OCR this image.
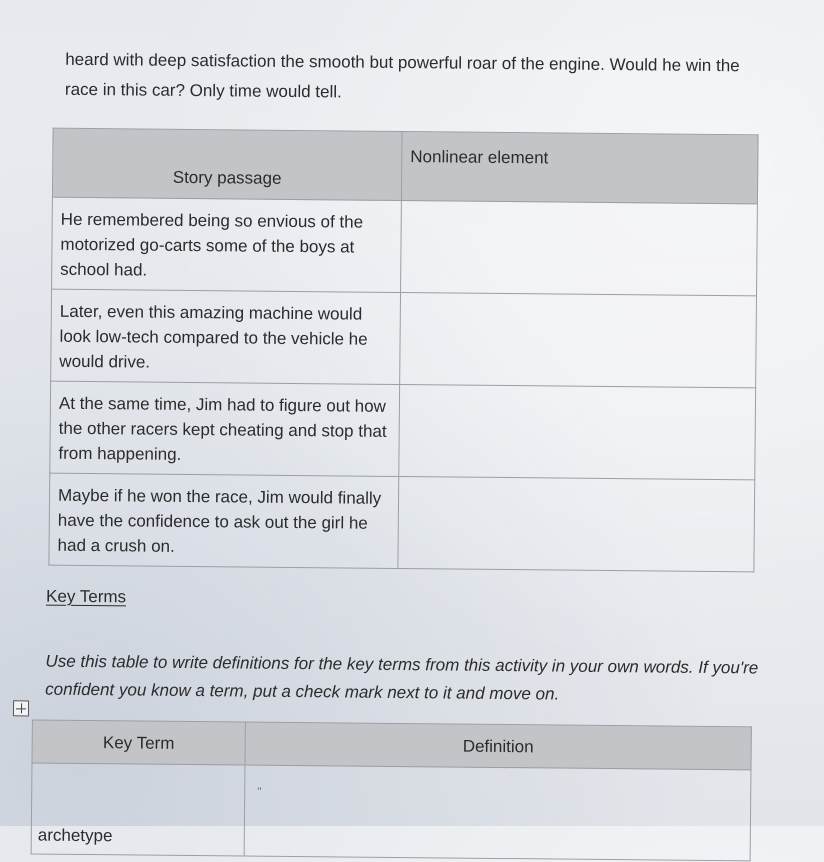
heard with deep satisfaction the smooth but powerful roar of the engine. Would he win the race in this car? Only time would tell.

Story passage	Nonlinear element
He remembered being so envious of the motorized go-carts some of the boys at school had.	
Later, even this amazing machine would look low-tech compared to the vehicle he would drive.	
At the same time, Jim had to figure out how the other racers kept cheating and stop that from happening.	
Maybe if he won the race, Jim would finally have the confidence to ask out the girl he had a crush on.	
Key Terms

Use this table to write definitions for the key terms from this activity in your own words. If you're confident you know a term, put a check mark next to it and move on.

Key Term	Definition
archetype	"
